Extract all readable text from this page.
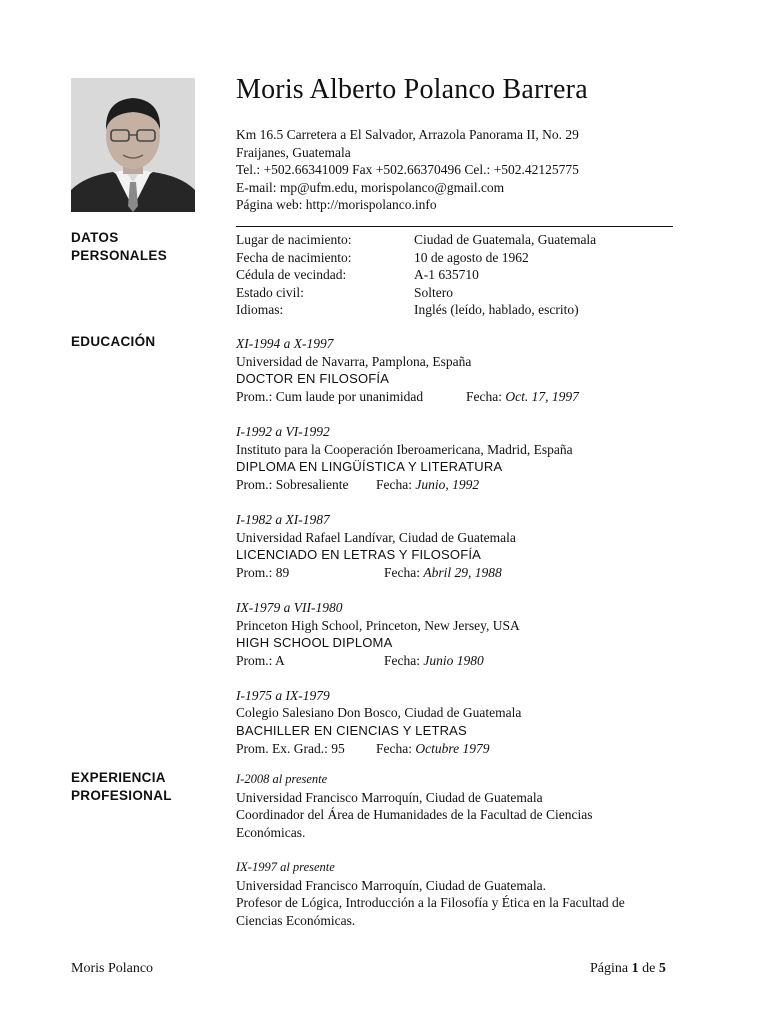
Moris Alberto Polanco Barrera
Km 16.5 Carretera a El Salvador, Arrazola Panorama II, No. 29
Fraijanes, Guatemala
Tel.: +502.66341009 Fax +502.66370496 Cel.: +502.42125775
E-mail: mp@ufm.edu, morispolanco@gmail.com
Página web: http://morispolanco.info
DATOS
PERSONALES
Lugar de nacimiento:	Ciudad de Guatemala, Guatemala
Fecha de nacimiento:	10 de agosto de 1962
Cédula de vecindad:	A-1 635710
Estado civil:	Soltero
Idiomas:	Inglés (leído, hablado, escrito)
EDUCACIÓN	XI-1994 a X-1997
Universidad de Navarra, Pamplona, España
DOCTOR EN FILOSOFÍA
Prom.: Cum laude por unanimidad	Fecha:
Oct. 17, 1997
I-1992 a VI-1992
Instituto para la Cooperación Iberoamericana, Madrid, España
DIPLOMA EN LINGÜÍSTICA Y LITERATURA
Prom.: Sobresaliente	Fecha:
Junio, 1992
I-1982 a XI-1987
Universidad Rafael Landívar, Ciudad de Guatemala
LICENCIADO EN LETRAS Y FILOSOFÍA
Prom.: 89	Fecha:
Abril 29, 1988
IX-1979 a VII-1980
Princeton High School, Princeton, New Jersey, USA
HIGH SCHOOL DIPLOMA
Prom.: A	Fecha:
Junio 1980
I-1975 a IX-1979
Colegio Salesiano Don Bosco, Ciudad de Guatemala
BACHILLER EN CIENCIAS Y LETRAS
Prom. Ex. Grad.: 95	Fecha:
Octubre 1979
EXPERIENCIA
PROFESIONAL
I-2008 al presente
Universidad Francisco Marroquín, Ciudad de Guatemala
Coordinador del Área de Humanidades de la Facultad de Ciencias Económicas.
IX-1997 al presente
Universidad Francisco Marroquín, Ciudad de Guatemala.
Profesor de Lógica, Introducción a la Filosofía y Ética en la Facultad de Ciencias Económicas.
Moris Polanco	Página 1 de 5
